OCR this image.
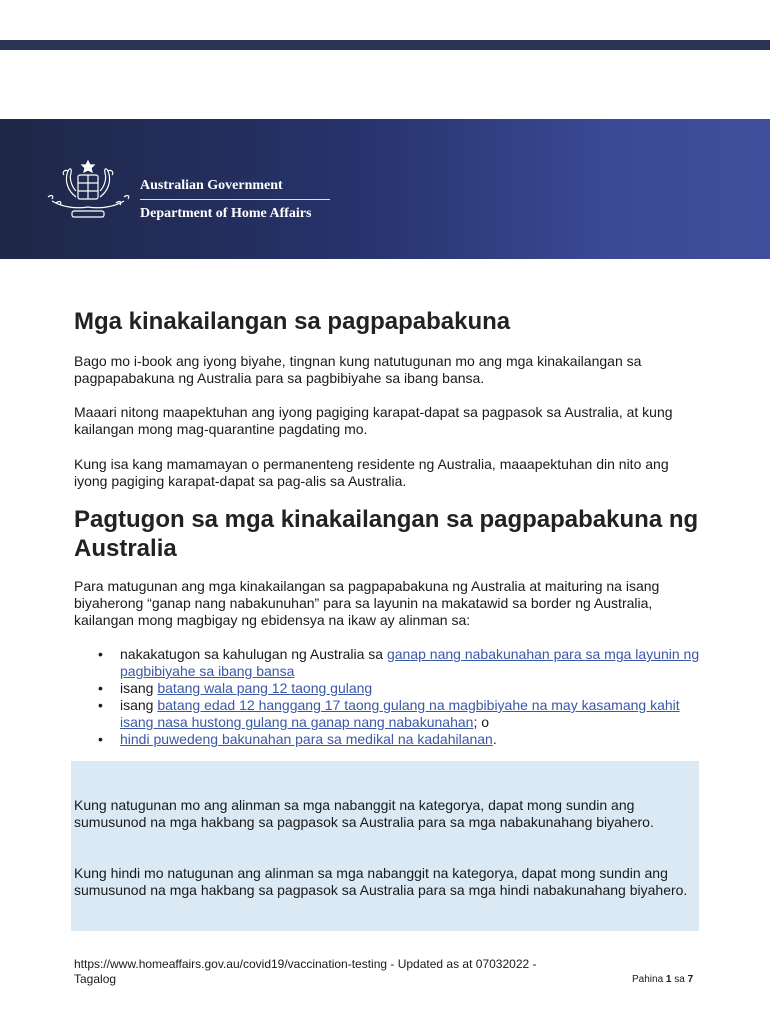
Australian Government
Department of Home Affairs
Mga kinakailangan sa pagpapabakuna

Bago mo i-book ang iyong biyahe, tingnan kung natutugunan mo ang mga kinakailangan sa pagpapabakuna ng Australia para sa pagbibiyahe sa ibang bansa.

Maaari nitong maapektuhan ang iyong pagiging karapat-dapat sa pagpasok sa Australia, at kung kailangan mong mag-quarantine pagdating mo.

Kung isa kang mamamayan o permanenteng residente ng Australia, maaapektuhan din nito ang iyong pagiging karapat-dapat sa pag-alis sa Australia.

Pagtugon sa mga kinakailangan sa pagpapabakuna ng Australia

Para matugunan ang mga kinakailangan sa pagpapabakuna ng Australia at maituring na isang biyaherong “ganap nang nabakunuhan” para sa layunin na makatawid sa border ng Australia, kailangan mong magbigay ng ebidensya na ikaw ay alinman sa:

• nakakatugon sa kahulugan ng Australia sa ganap nang nabakunahan para sa mga layunin ng pagbibiyahe sa ibang bansa
• isang batang wala pang 12 taong gulang
• isang batang edad 12 hanggang 17 taong gulang na magbibiyahe na may kasamang kahit isang nasa hustong gulang na ganap nang nabakunahan; o
• hindi puwedeng bakunahan para sa medikal na kadahilanan.

Kung natugunan mo ang alinman sa mga nabanggit na kategorya, dapat mong sundin ang sumusunod na mga hakbang sa pagpasok sa Australia para sa mga nabakunahang biyahero.

Kung hindi mo natugunan ang alinman sa mga nabanggit na kategorya, dapat mong sundin ang sumusunod na mga hakbang sa pagpasok sa Australia para sa mga hindi nabakunahang biyahero.

https://www.homeaffairs.gov.au/covid19/vaccination-testing - Updated as at 07032022 -
Tagalog	Pahina 1 sa 7
